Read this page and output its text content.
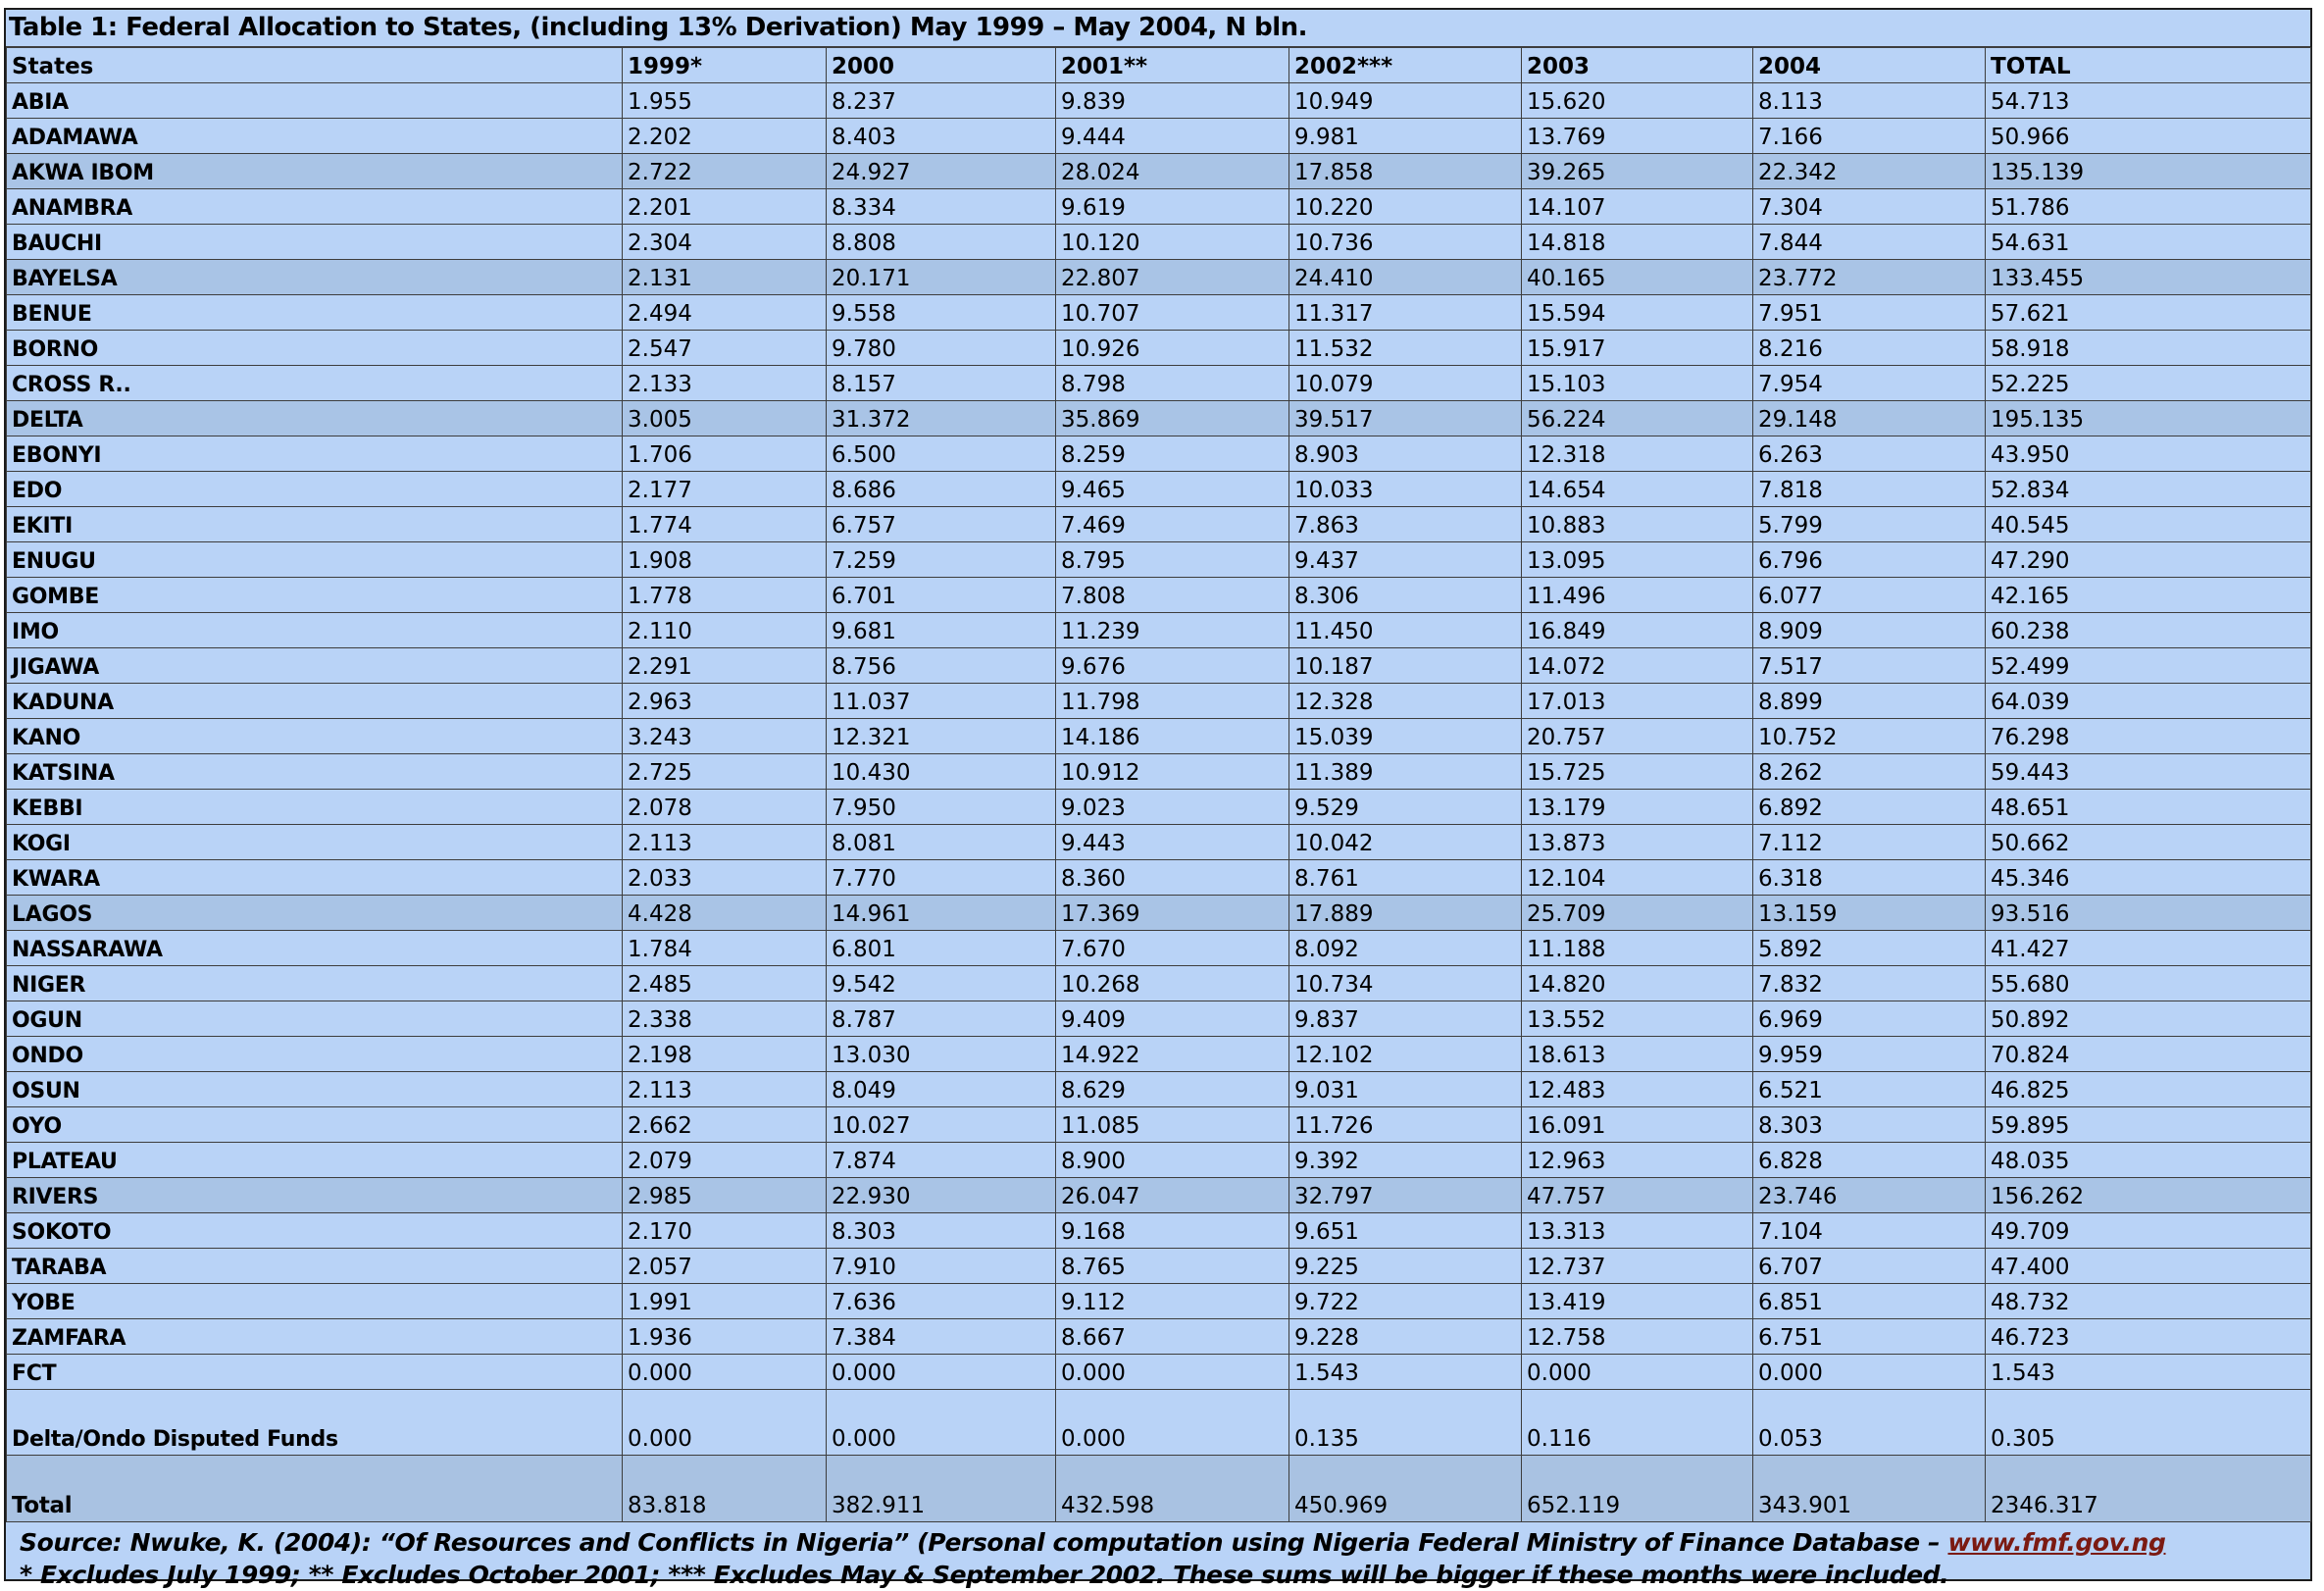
Table 1: Federal Allocation to States, (including 13% Derivation) May 1999 – May 2004, N bln.
States	1999*	2000	2001**	2002***	2003	2004	TOTAL
ABIA	1.955	8.237	9.839	10.949	15.620	8.113	54.713
ADAMAWA	2.202	8.403	9.444	9.981	13.769	7.166	50.966
AKWA IBOM	2.722	24.927	28.024	17.858	39.265	22.342	135.139
ANAMBRA	2.201	8.334	9.619	10.220	14.107	7.304	51.786
BAUCHI	2.304	8.808	10.120	10.736	14.818	7.844	54.631
BAYELSA	2.131	20.171	22.807	24.410	40.165	23.772	133.455
BENUE	2.494	9.558	10.707	11.317	15.594	7.951	57.621
BORNO	2.547	9.780	10.926	11.532	15.917	8.216	58.918
CROSS R..	2.133	8.157	8.798	10.079	15.103	7.954	52.225
DELTA	3.005	31.372	35.869	39.517	56.224	29.148	195.135
EBONYI	1.706	6.500	8.259	8.903	12.318	6.263	43.950
EDO	2.177	8.686	9.465	10.033	14.654	7.818	52.834
EKITI	1.774	6.757	7.469	7.863	10.883	5.799	40.545
ENUGU	1.908	7.259	8.795	9.437	13.095	6.796	47.290
GOMBE	1.778	6.701	7.808	8.306	11.496	6.077	42.165
IMO	2.110	9.681	11.239	11.450	16.849	8.909	60.238
JIGAWA	2.291	8.756	9.676	10.187	14.072	7.517	52.499
KADUNA	2.963	11.037	11.798	12.328	17.013	8.899	64.039
KANO	3.243	12.321	14.186	15.039	20.757	10.752	76.298
KATSINA	2.725	10.430	10.912	11.389	15.725	8.262	59.443
KEBBI	2.078	7.950	9.023	9.529	13.179	6.892	48.651
KOGI	2.113	8.081	9.443	10.042	13.873	7.112	50.662
KWARA	2.033	7.770	8.360	8.761	12.104	6.318	45.346
LAGOS	4.428	14.961	17.369	17.889	25.709	13.159	93.516
NASSARAWA	1.784	6.801	7.670	8.092	11.188	5.892	41.427
NIGER	2.485	9.542	10.268	10.734	14.820	7.832	55.680
OGUN	2.338	8.787	9.409	9.837	13.552	6.969	50.892
ONDO	2.198	13.030	14.922	12.102	18.613	9.959	70.824
OSUN	2.113	8.049	8.629	9.031	12.483	6.521	46.825
OYO	2.662	10.027	11.085	11.726	16.091	8.303	59.895
PLATEAU	2.079	7.874	8.900	9.392	12.963	6.828	48.035
RIVERS	2.985	22.930	26.047	32.797	47.757	23.746	156.262
SOKOTO	2.170	8.303	9.168	9.651	13.313	7.104	49.709
TARABA	2.057	7.910	8.765	9.225	12.737	6.707	47.400
YOBE	1.991	7.636	9.112	9.722	13.419	6.851	48.732
ZAMFARA	1.936	7.384	8.667	9.228	12.758	6.751	46.723
FCT	0.000	0.000	0.000	1.543	0.000	0.000	1.543
Delta/Ondo Disputed Funds	0.000	0.000	0.000	0.135	0.116	0.053	0.305
Total	83.818	382.911	432.598	450.969	652.119	343.901	2346.317
Source: Nwuke, K. (2004): “Of Resources and Conflicts in Nigeria” (Personal computation using Nigeria Federal Ministry of Finance Database – www.fmf.gov.ng
* Excludes July 1999; ** Excludes October 2001; *** Excludes May & September 2002. These sums will be bigger if these months were included.
